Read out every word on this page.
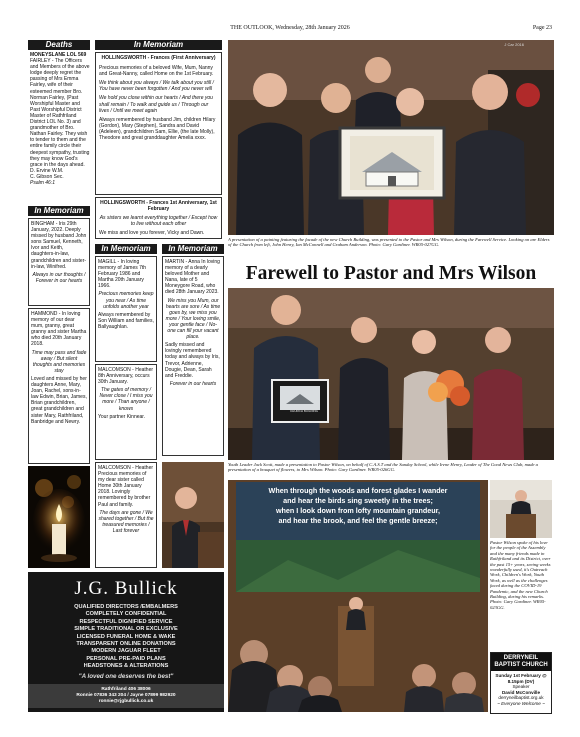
THE OUTLOOK, Wednesday, 28th January 2026	Page 23
Deaths
MONEYSLANE LOL 569
FAIRLEY - The Officers and Members of the above lodge deeply regret the passing of Mrs Emma Fairley, wife of their esteemed member Bro. Norman Fairley, (Past Worshipful Master and Past Worshipful District Master of Rathfriland District LOL No. 3) and grandmother of Bro. Nathan Fairley. They wish to tender to them and the entire family circle their deepest sympathy, trusting they may know God's grace in the days ahead.
D. Ervine W.M.
C. Gibson Sec.
Psalm 46:1
In Memoriam
HOLLINGSWORTH - Frances (First Anniversary)
Precious memories of a beloved Wife, Mum, Nanny and Great-Nanny, called Home on the 1st February.
We think about you always / We talk about you still / You have never been forgotten / And you never will
We hold you close within our hearts / And there you shall remain / To walk and guide us / Through our lives / Until we meet again
Always remembered by husband Jim, children Hilary (Gordon), Mary (Stephen), Sandra and David (Adeleen), grandchildren Sam, Ellie, (the late Molly), Theodore and great granddaughter Amelia xxxx.
HOLLINGSWORTH - Frances 1st Anniversary, 1st February
As sisters we learnt everything together / Except how to live without each other
We miss and love you forever, Vicky and Dawn.
In Memoriam
BINGHAM - Iris 29th January, 2022. Deeply missed by husband John sons Samuel, Kenneth, Ivor and Keith, daughters-in-law, grandchildren and sister-in-law, Winifred.
Always in our thoughts / Forever in our hearts
HAMMOND - In loving memory of our dear mum, granny, great granny and sister Martha who died 20th January 2018.
Time may pass and fade away / But silent thoughts and memories stay
Loved and missed by her daughters Anne, Mary, Joan, Rachel, sons-in-law Edwin, Brian, James, Brian grandchildren, great grandchildren and sister Mary, Rathfriland, Banbridge and Newry.
In Memoriam
MAGILL - In loving memory of James 7th February 1986 and Martha 20th January 1966.
Precious memories keep you near / As time unfolds another year
Always remembered by Son William and families, Ballyaughlan.
MALCOMSON - Heather 8th Anniversary, occurs 30th January.
The gates of memory / Never close / I miss you more / Than anyone / knows
Your partner Kinnear.
MALCOMSON - Heather Precious memories of my dear sister called Home 30th January 2018. Lovingly remembered by brother Paul and family.
The days are gone / We shared together / But the treasured memories / Last forever
In Memoriam
MARTIN - Anna In loving memory of a dearly beloved Mother and Nana, late of 5 Moneygore Road, who died 28th January 2023.
We miss you Mum, our hearts are sore / As time goes by, we miss you more / Your loving smile, your gentle face / No-one can fill your vacant place.
Sadly missed and lovingly remembered today and always by Iris, Trevor, Adrienne, Dougie, Dean, Sarah and Freddie.
Forever in our hearts
J Car 2016
A presentation of a painting featuring the facade of the new Church Building, was presented to the Pastor and Mrs Wilson, during the Farewell Service. Looking on are Elders of the Church from left, John Henry, Ian McConnell and Graham Anderson. Photo: Gary Gardiner. WR05-027GG.
Farewell to Pastor and Mrs Wilson
CHURCH BUILDING
Youth Leader Jack Scott, made a presentation to Pastor Wilson, on behalf of C.A.S.T and the Sunday School, while Irene Henry, Leader of The Good News Club, made a presentation of a bouquet of flowers, to Mrs Wilson. Photo: Gary Gardiner. WR05-026GG.
When through the woods and forest glades I wander
and hear the birds sing sweetly in the trees;
when I look down from lofty mountain grandeur,
and hear the brook, and feel the gentle breeze;
Pastor Wilson spoke of his love for the people of the Assembly and the many friends made in Rathfriland and its District, over the past 15+ years, seeing weeks wonderfully used, it's Outreach Work, Children's Work, Youth Work, as well as the challenges faced during the COVID-19 Pandemic, and the new Church Building, during his remarks. Photo: Gary Gardiner. WR05-023GG.
DERRYNEIL BAPTIST CHURCH
Sunday 1st February @ 8.15pm (DV)
Speaker
David McConville
derryneilbaptist.org.uk
~ Everyone Welcome ~
J.G. Bullick
QUALIFIED DIRECTORS /EMBALMERS
COMPLETELY CONFIDENTIAL
RESPECTFUL DIGNIFIED SERVICE
SIMPLE TRADITIONAL OR EXCLUSIVE
LICENSED FUNERAL HOME & WAKE
TRANSPARENT ONLINE DONATIONS
MODERN JAGUAR FLEET
PERSONAL PRE-PAID PLANS
HEADSTONES & ALTERATIONS
"A loved one deserves the best"
Rathfriland 406 38006
Ronnie 07836 343 204 / Jayne 07899 982920
ronnie@rjgbullick.co.uk
